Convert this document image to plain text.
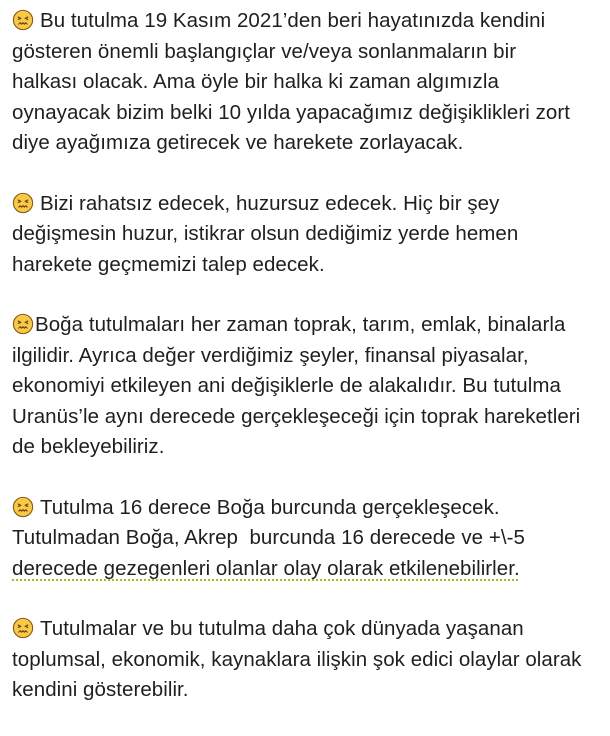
Bu tutulma 19 Kasım 2021’den beri hayatınızda kendini
gösteren önemli başlangıçlar ve/veya sonlanmaların bir
halkası olacak. Ama öyle bir halka ki zaman algımızla
oynayacak bizim belki 10 yılda yapacağımız değişiklikleri zort
diye ayağımıza getirecek ve harekete zorlayacak.
Bizi rahatsız edecek, huzursuz edecek. Hiç bir şey
değişmesin huzur, istikrar olsun dediğimiz yerde hemen
harekete geçmemizi talep edecek.
Boğa tutulmaları her zaman toprak, tarım, emlak, binalarla
ilgilidir. Ayrıca değer verdiğimiz şeyler, finansal piyasalar,
ekonomiyi etkileyen ani değişiklerle de alakalıdır. Bu tutulma
Uranüs’le aynı derecede gerçekleşeceği için toprak hareketleri
de bekleyebiliriz.
Tutulma 16 derece Boğa burcunda gerçekleşecek.
Tutulmadan Boğa, Akrep  burcunda 16 derecede ve +\-5
derecede gezegenleri olanlar olay olarak etkilenebilirler.
Tutulmalar ve bu tutulma daha çok dünyada yaşanan
toplumsal, ekonomik, kaynaklara ilişkin şok edici olaylar olarak
kendini gösterebilir.
